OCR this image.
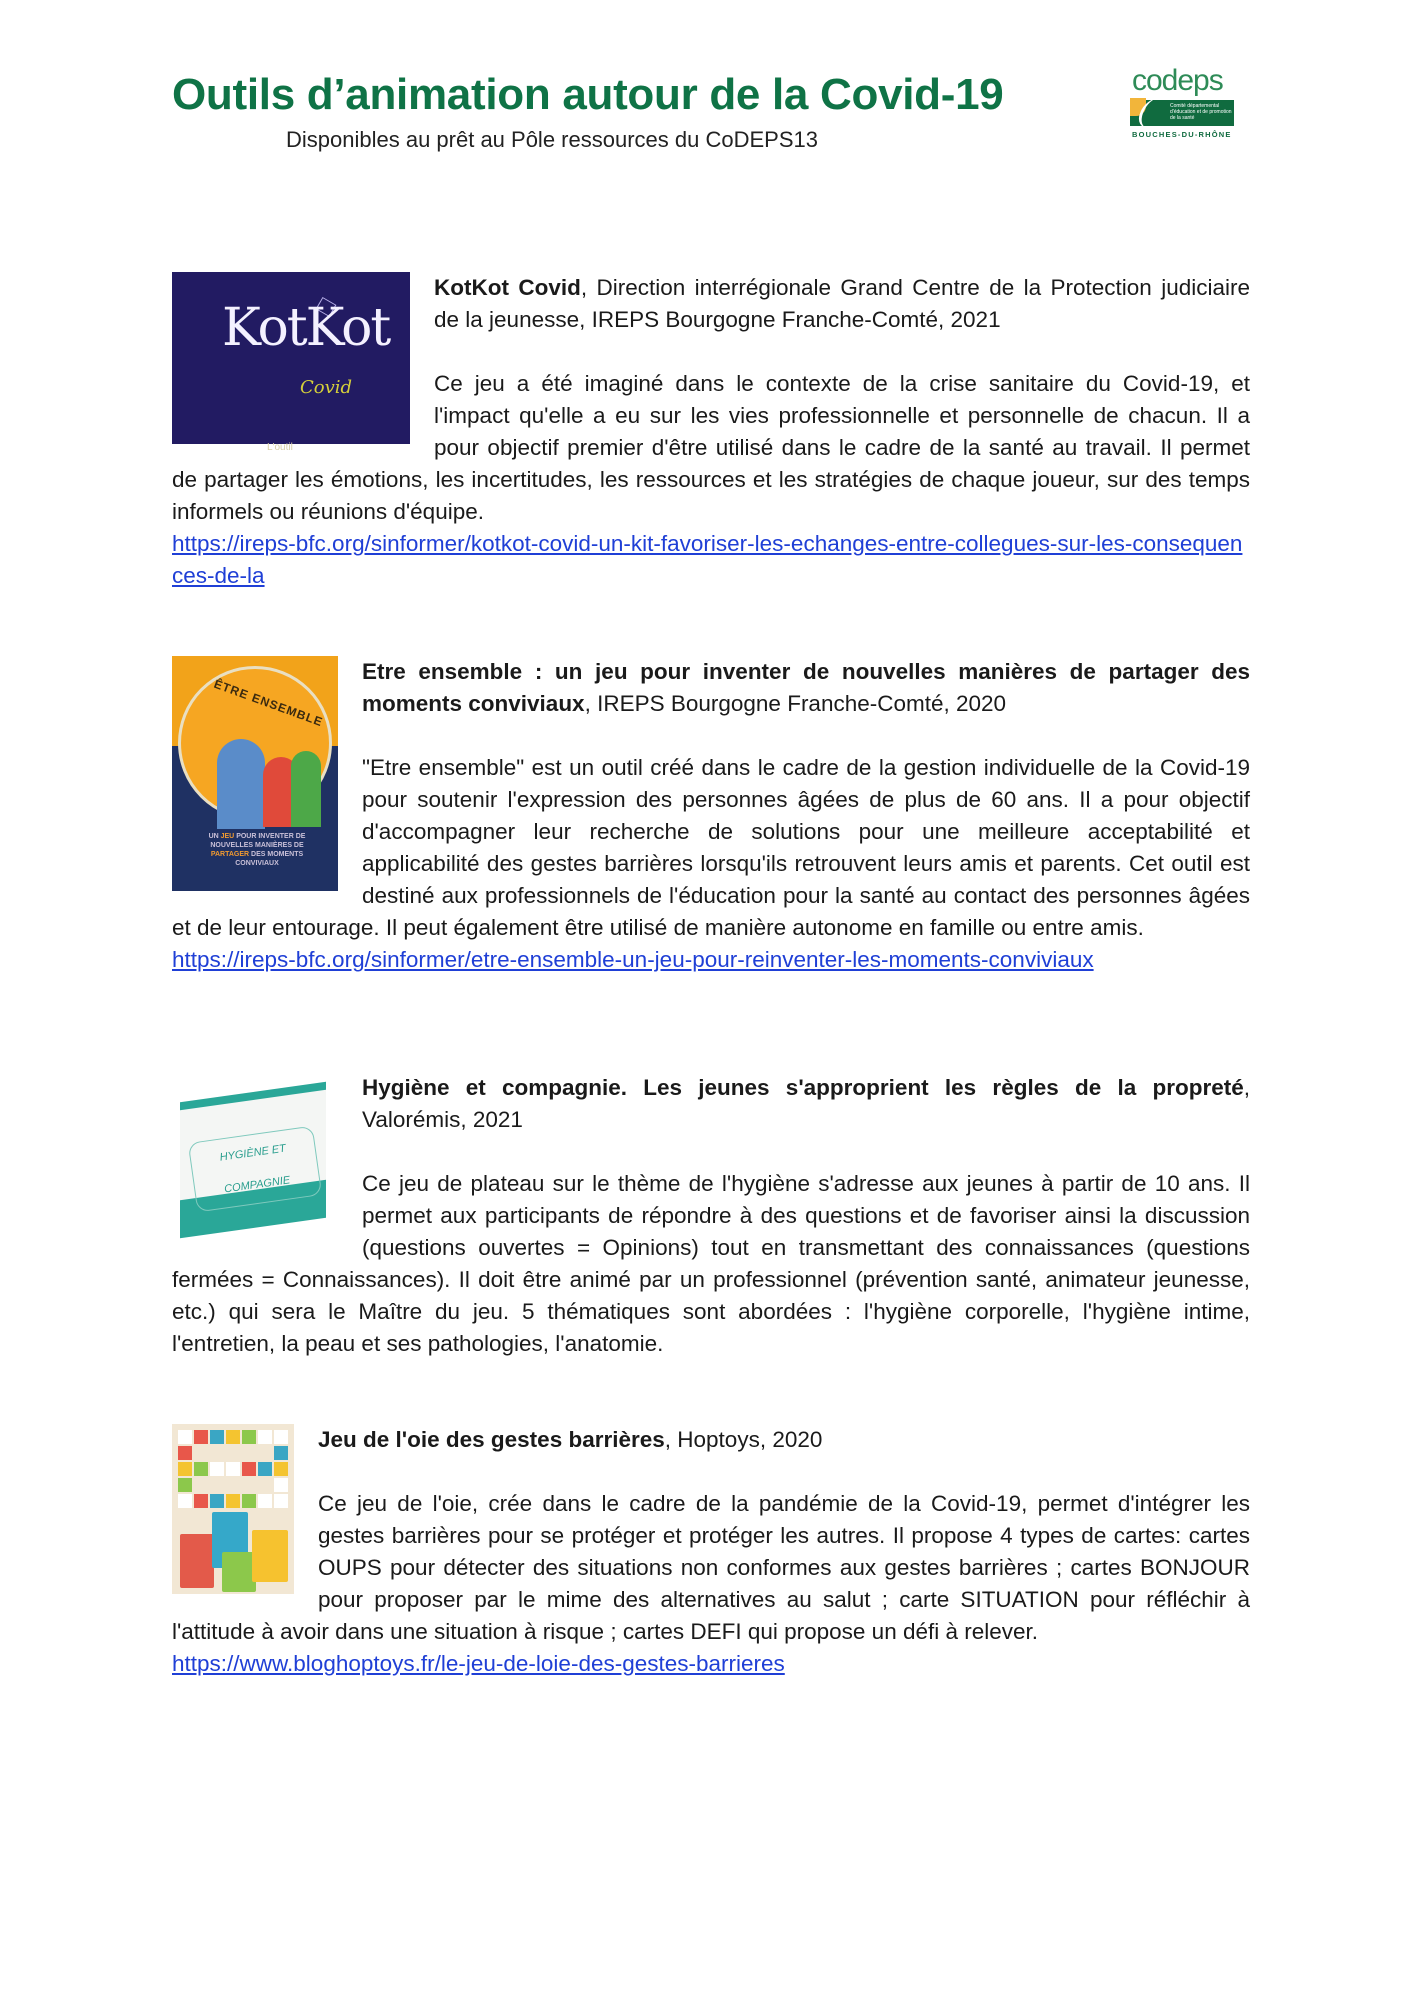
Outils d’animation autour de la Covid-19

Disponibles au prêt au Pôle ressources du CoDEPS13

codeps
Comité départemental d'éducation et de promotion de la santé
BOUCHES-DU-RHÔNE
KotKot
Covid
L'outil

KotKot Covid, Direction interrégionale Grand Centre de la Protection judiciaire de la jeunesse, IREPS Bourgogne Franche-Comté, 2021

Ce jeu a été imaginé dans le contexte de la crise sanitaire du Covid-19, et l'impact qu'elle a eu sur les vies professionnelle et personnelle de chacun. Il a pour objectif premier d'être utilisé dans le cadre de la santé au travail. Il permet de partager les émotions, les incertitudes, les ressources et les stratégies de chaque joueur, sur des temps informels ou réunions d'équipe.

https://ireps-bfc.org/sinformer/kotkot-covid-un-kit-favoriser-les-echanges-entre-collegues-sur-les-consequences-de-la

ÊTRE ENSEMBLE
UN JEU POUR INVENTER DE NOUVELLES MANIÈRES DE PARTAGER DES MOMENTS CONVIVIAUX

Etre ensemble : un jeu pour inventer de nouvelles manières de partager des moments conviviaux, IREPS Bourgogne Franche-Comté, 2020

"Etre ensemble" est un outil créé dans le cadre de la gestion individuelle de la Covid-19 pour soutenir l'expression des personnes âgées de plus de 60 ans. Il a pour objectif d'accompagner leur recherche de solutions pour une meilleure acceptabilité et applicabilité des gestes barrières lorsqu'ils retrouvent leurs amis et parents. Cet outil est destiné aux professionnels de l'éducation pour la santé au contact des personnes âgées et de leur entourage. Il peut également être utilisé de manière autonome en famille ou entre amis.

https://ireps-bfc.org/sinformer/etre-ensemble-un-jeu-pour-reinventer-les-moments-conviviaux

HYGIÈNE ET COMPAGNIE

Hygiène et compagnie. Les jeunes s'approprient les règles de la propreté, Valorémis, 2021

Ce jeu de plateau sur le thème de l'hygiène s'adresse aux jeunes à partir de 10 ans. Il permet aux participants de répondre à des questions et de favoriser ainsi la discussion (questions ouvertes = Opinions) tout en transmettant des connaissances (questions fermées = Connaissances). Il doit être animé par un professionnel (prévention santé, animateur jeunesse, etc.) qui sera le Maître du jeu. 5 thématiques sont abordées : l'hygiène corporelle, l'hygiène intime, l'entretien, la peau et ses pathologies, l'anatomie.

Jeu de l'oie des gestes barrières, Hoptoys, 2020

Ce jeu de l'oie, crée dans le cadre de la pandémie de la Covid-19, permet d'intégrer les gestes barrières pour se protéger et protéger les autres. Il propose 4 types de cartes: cartes OUPS pour détecter des situations non conformes aux gestes barrières ; cartes BONJOUR pour proposer par le mime des alternatives au salut ; carte SITUATION pour réfléchir à l'attitude à avoir dans une situation à risque ; cartes DEFI qui propose un défi à relever.

https://www.bloghoptoys.fr/le-jeu-de-loie-des-gestes-barrieres
